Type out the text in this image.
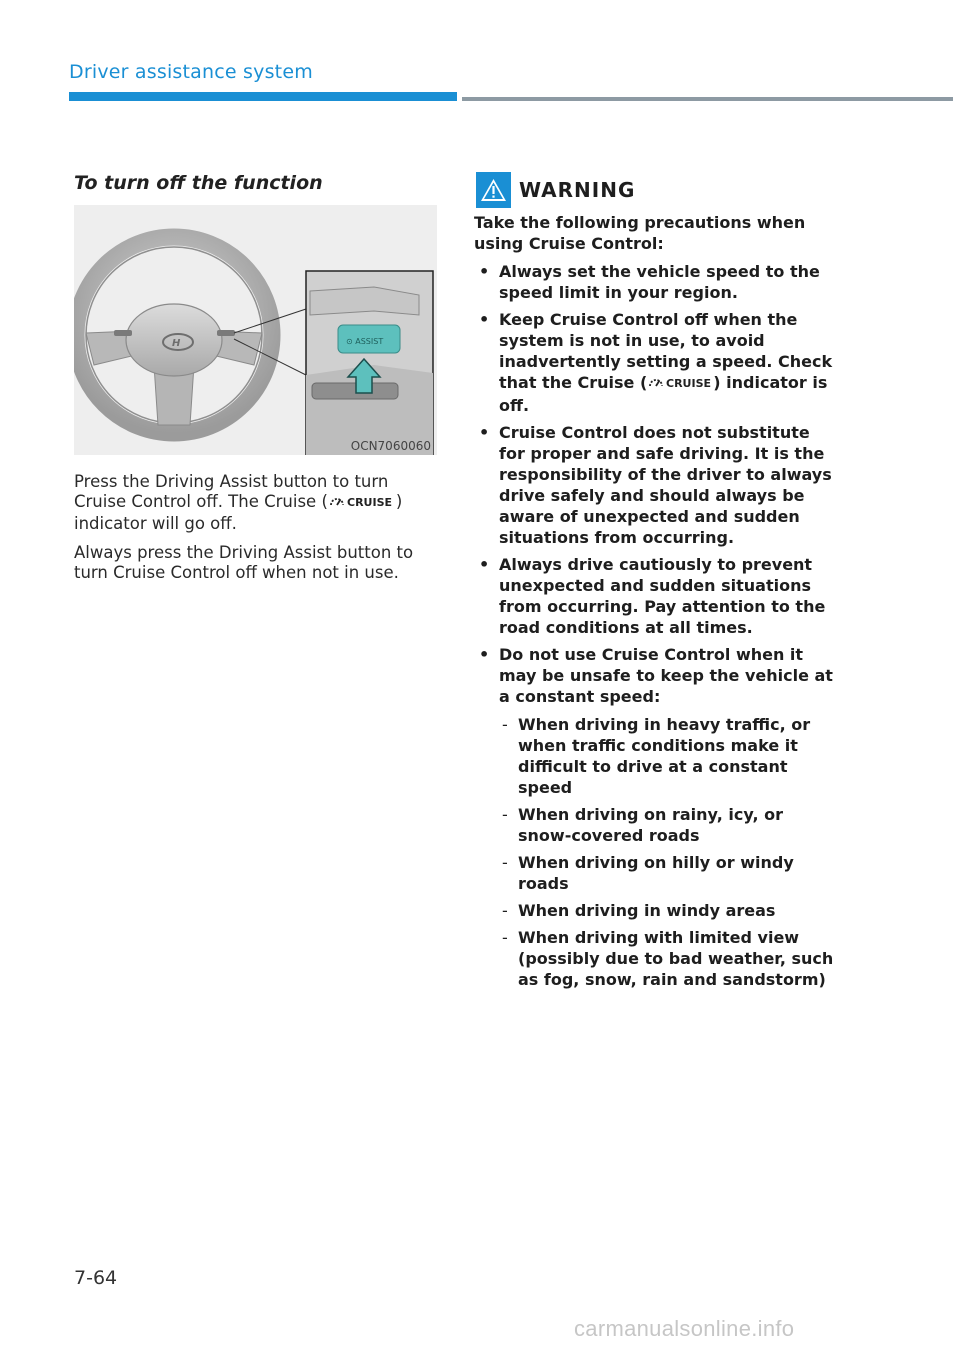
Driver assistance system
To turn off the function
H	⊙ ASSIST
OCN7060060

Press the Driving Assist button to turn Cruise Control off. The Cruise ( CRUISE ) indicator will go off.

Always press the Driving Assist button to turn Cruise Control off when not in use.

WARNING

Take the following precautions when using Cruise Control:

• Always set the vehicle speed to the speed limit in your region.
• Keep Cruise Control off when the system is not in use, to avoid inadvertently setting a speed. Check that the Cruise ( CRUISE ) indicator is off.
• Cruise Control does not substitute for proper and safe driving. It is the responsibility of the driver to always drive safely and should always be aware of unexpected and sudden situations from occurring.
• Always drive cautiously to prevent unexpected and sudden situations from occurring. Pay attention to the road conditions at all times.
• Do not use Cruise Control when it may be unsafe to keep the vehicle at a constant speed:
- When driving in heavy traffic, or when traffic conditions make it difficult to drive at a constant speed
- When driving on rainy, icy, or snow-covered roads
- When driving on hilly or windy roads
- When driving in windy areas
- When driving with limited view (possibly due to bad weather, such as fog, snow, rain and sandstorm)
7-64
carmanualsonline.info
